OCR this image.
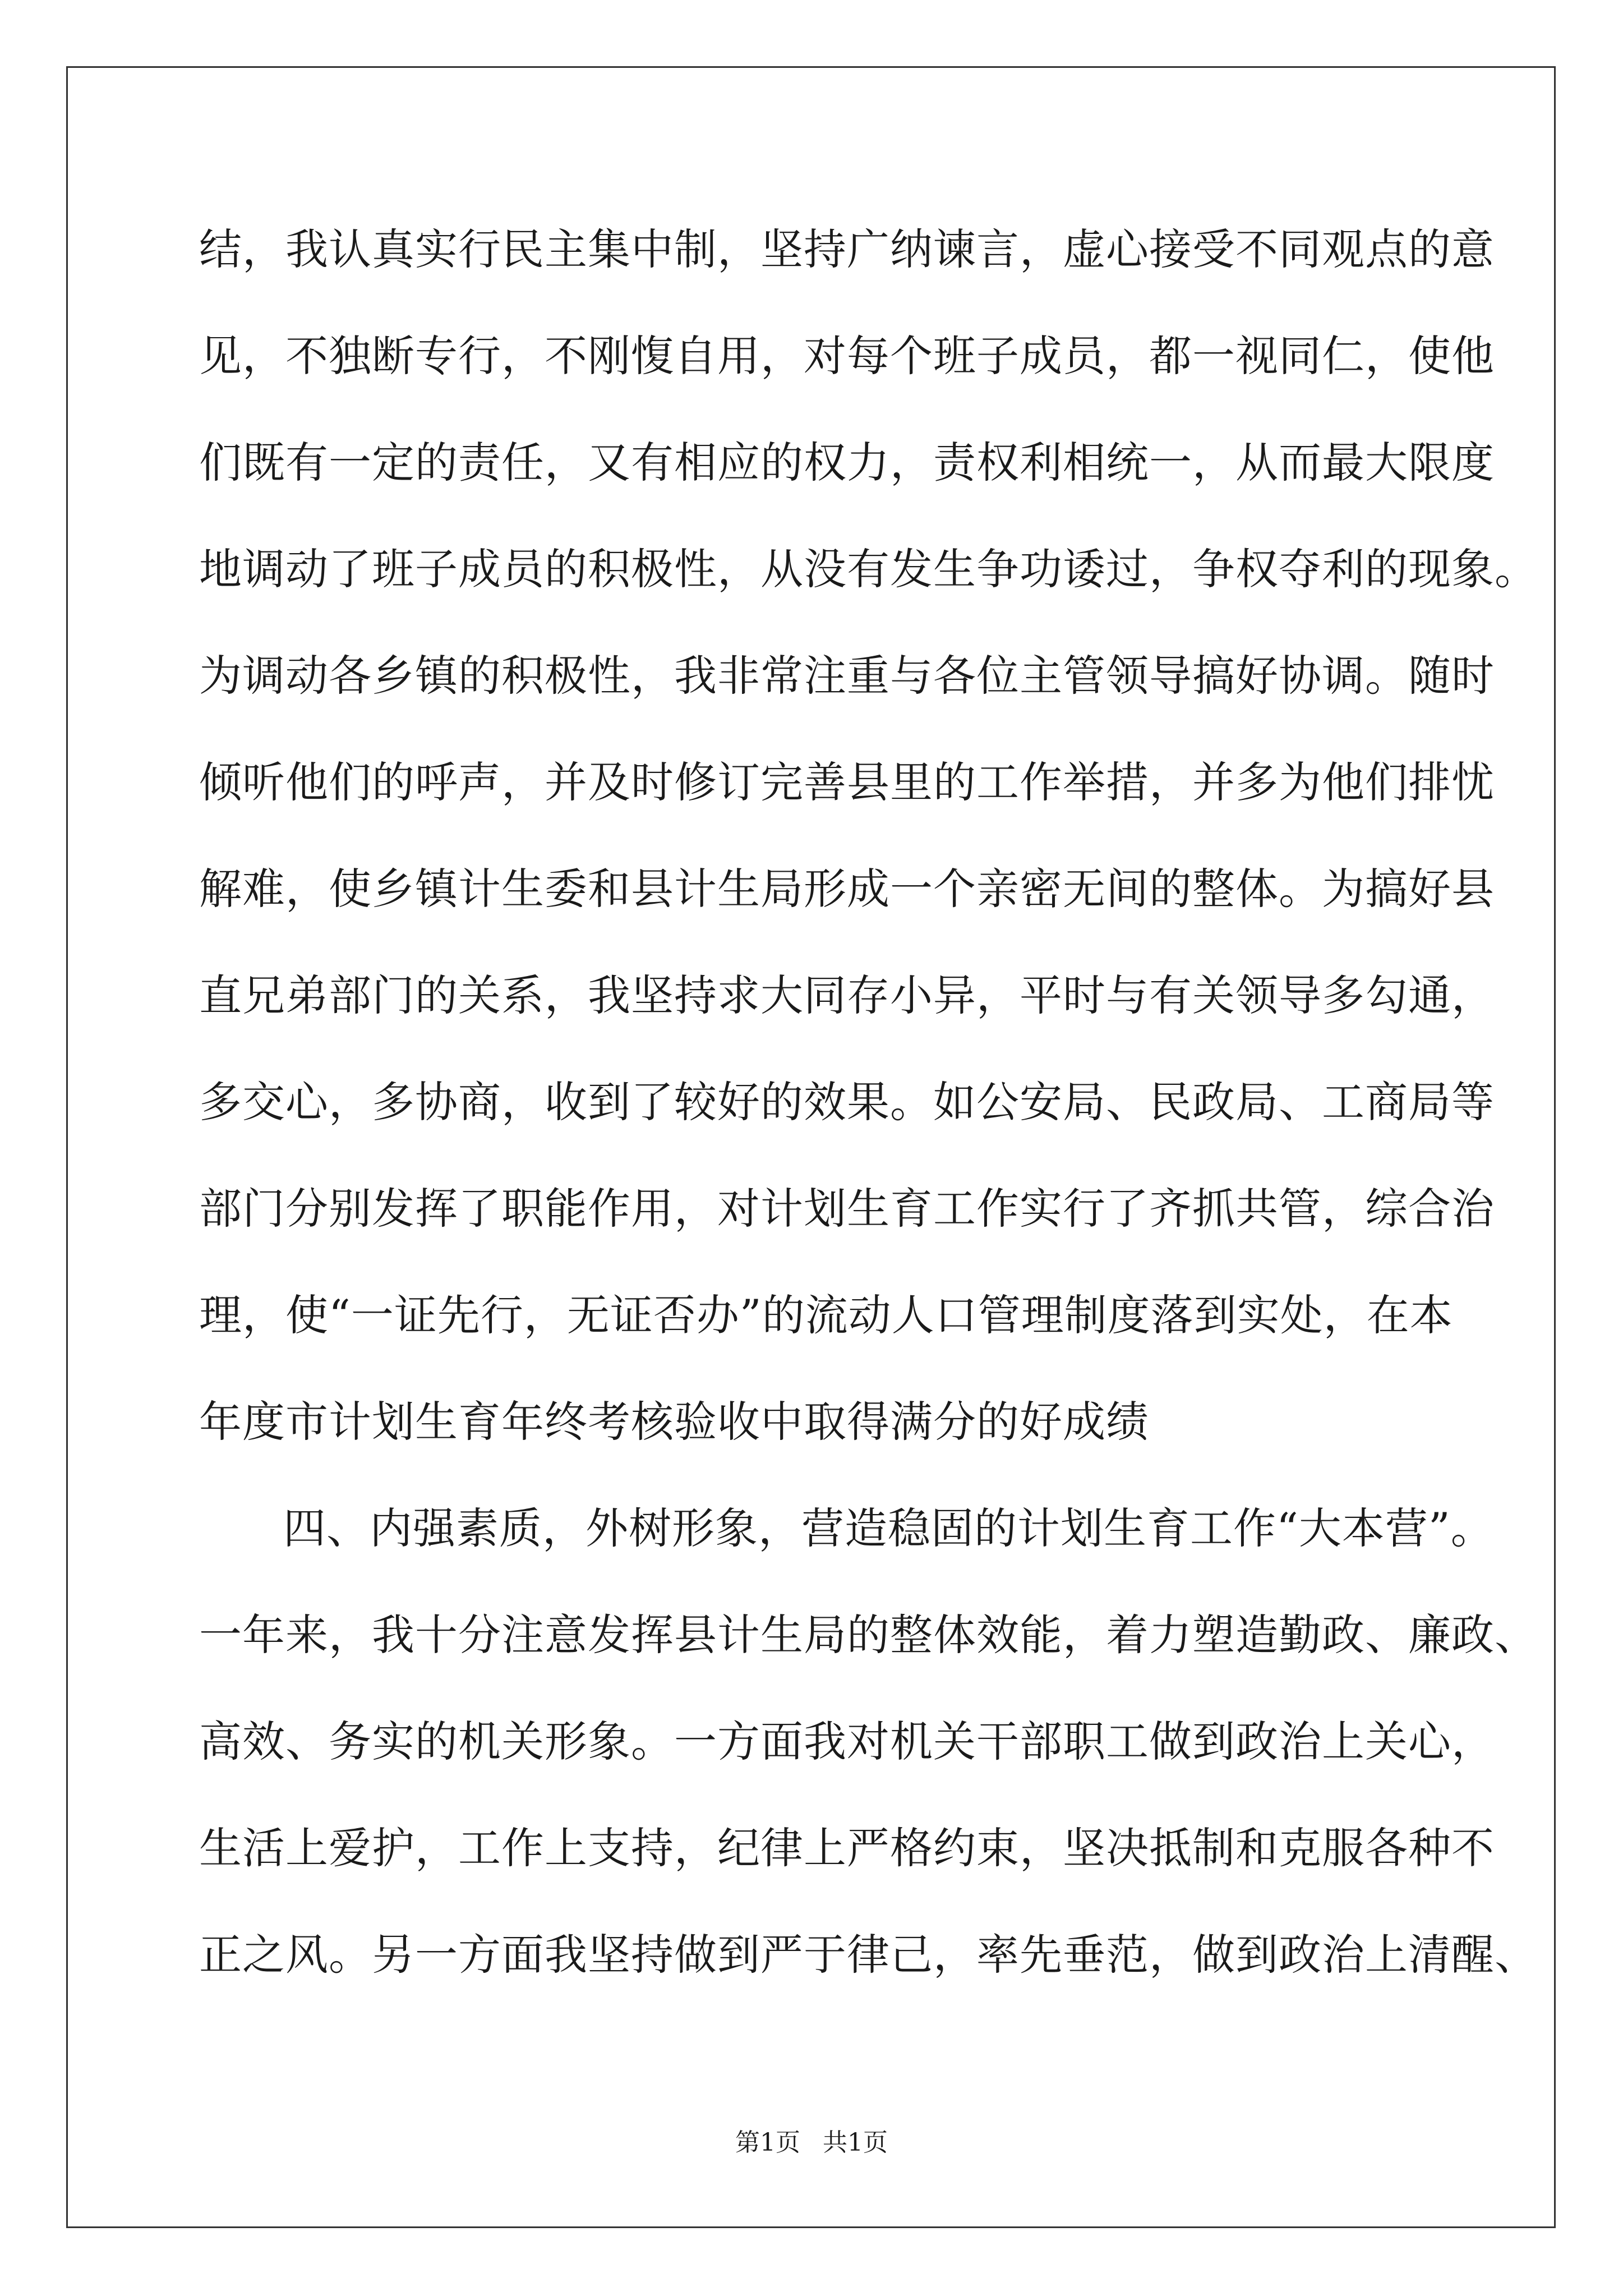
结，我认真实行民主集中制，坚持广纳谏言，虚心接受不同观点的意
见，不独断专行，不刚愎自用，对每个班子成员，都一视同仁，使他
们既有一定的责任，又有相应的权力，责权利相统一，从而最大限度
地调动了班子成员的积极性，从没有发生争功诿过，争权夺利的现象。
为调动各乡镇的积极性，我非常注重与各位主管领导搞好协调。随时
倾听他们的呼声，并及时修订完善县里的工作举措，并多为他们排忧
解难，使乡镇计生委和县计生局形成一个亲密无间的整体。为搞好县
直兄弟部门的关系，我坚持求大同存小异，平时与有关领导多勾通，
多交心，多协商，收到了较好的效果。如公安局、民政局、工商局等
部门分别发挥了职能作用，对计划生育工作实行了齐抓共管，综合治
理，使“一证先行，无证否办”的流动人口管理制度落到实处，在本
年度市计划生育年终考核验收中取得满分的好成绩
四、内强素质，外树形象，营造稳固的计划生育工作“大本营”。
一年来，我十分注意发挥县计生局的整体效能，着力塑造勤政、廉政、
高效、务实的机关形象。一方面我对机关干部职工做到政治上关心，
生活上爱护，工作上支持，纪律上严格约束，坚决抵制和克服各种不
正之风。另一方面我坚持做到严于律己，率先垂范，做到政治上清醒、
第1页 共1页
